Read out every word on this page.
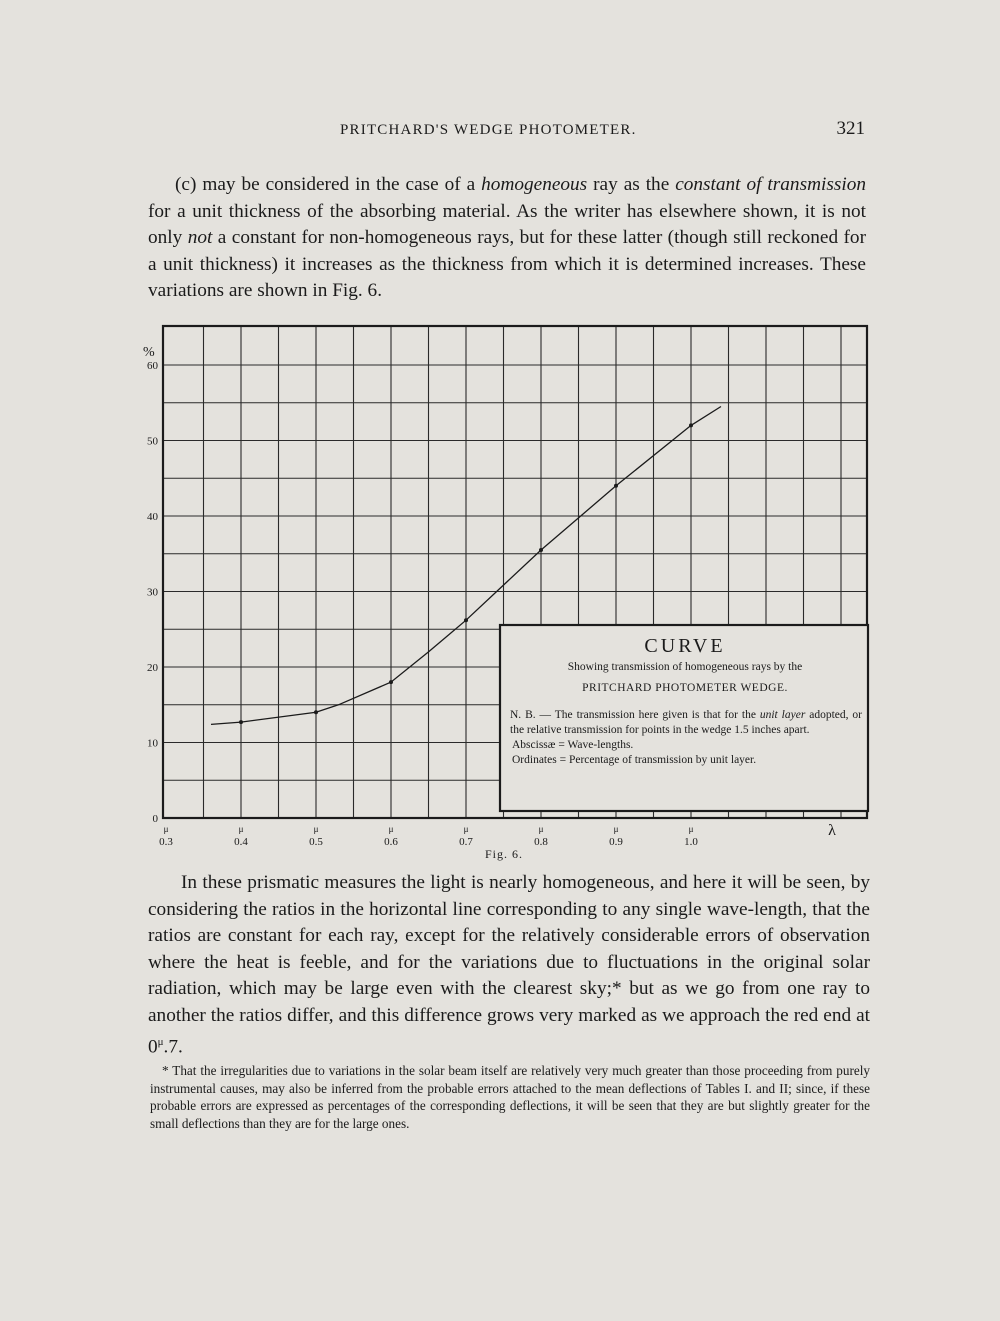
PRITCHARD'S WEDGE PHOTOMETER.	321

(c) may be considered in the case of a homogeneous ray as the constant of transmission for a unit thickness of the absorbing material. As the writer has elsewhere shown, it is not only not a constant for non-homogeneous rays, but for these latter (though still reckoned for a unit thickness) it increases as the thickness from which it is determined increases. These variations are shown in Fig. 6.

0
10
20
30
40
50
60
%
μ
0.3
μ
0.4
μ
0.5
μ
0.6
μ
0.7
μ
0.8
μ
0.9
μ
1.0
λ
CURVE
Showing transmission of homogeneous rays by the
PRITCHARD PHOTOMETER WEDGE.
N. B. — The transmission here given is that for the unit layer adopted, or the relative transmission for points in the wedge 1.5 inches apart.
Abscissæ = Wave-lengths.
Ordinates = Percentage of transmission by unit layer.
Fig. 6.

In these prismatic measures the light is nearly homogeneous, and here it will be seen, by considering the ratios in the horizontal line corresponding to any single wave-length, that the ratios are constant for each ray, except for the relatively considerable errors of observation where the heat is feeble, and for the variations due to fluctuations in the original solar radiation, which may be large even with the clearest sky;* but as we go from one ray to another the ratios differ, and this difference grows very marked as we approach the red end at $0^\mu.7$.

* That the irregularities due to variations in the solar beam itself are relatively very much greater than those proceeding from purely instrumental causes, may also be inferred from the probable errors attached to the mean deflections of Tables I. and II; since, if these probable errors are expressed as percentages of the corresponding deflections, it will be seen that they are but slightly greater for the small deflections than they are for the large ones.
